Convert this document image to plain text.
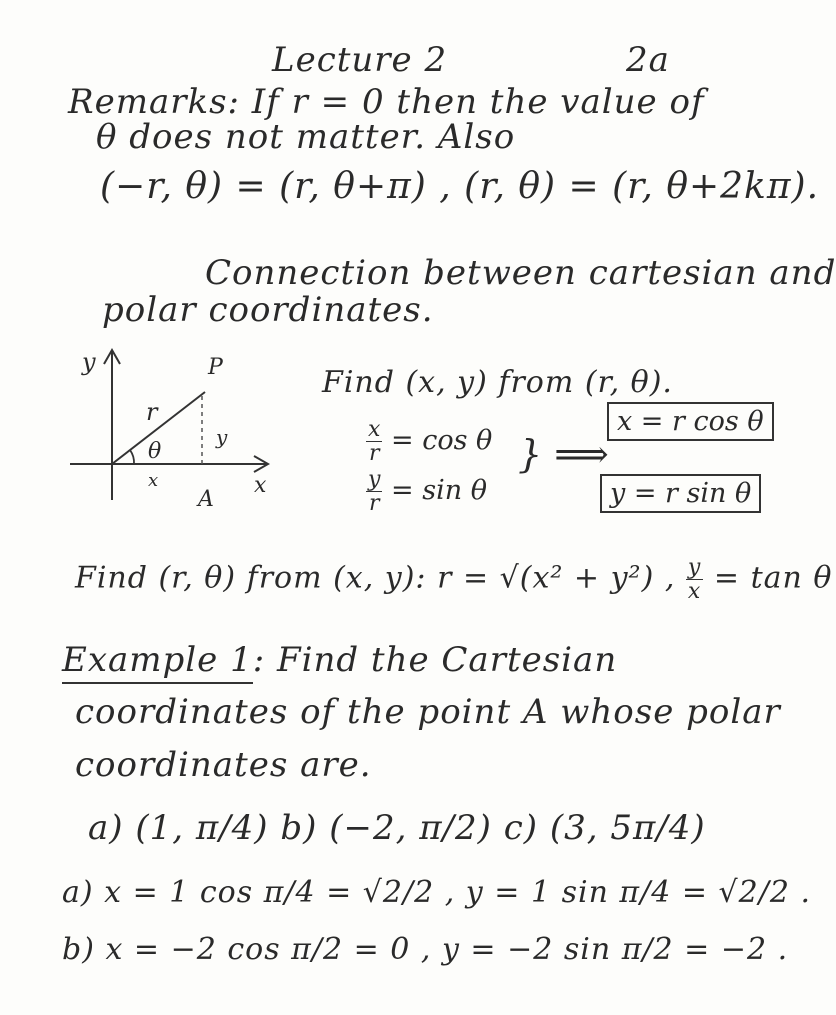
Lecture 2	2a
Remarks: If r = 0 then the value of
θ does not matter. Also
(−r, θ) = (r, θ+π) , (r, θ) = (r, θ+2kπ).
Connection between cartesian and
polar coordinates.
y	P
r
θ
y
x
A
x
Find (x, y) from (r, θ).
$\frac{x}{r} = \cos \theta$
$\frac{y}{r} = \sin \theta$
} ⟹
x = r cos θ
y = r sin θ
Find (r, θ) from (x, y): r = √(x² + y²) , $\frac{y}{x} = \tan \theta$
Example 1: Find the Cartesian
coordinates of the point A whose polar
coordinates are.
a) (1, π/4) b) (−2, π/2) c) (3, 5π/4)
a) x = 1 cos π/4 = √2/2 , y = 1 sin π/4 = √2/2 .
b) x = −2 cos π/2 = 0 , y = −2 sin π/2 = −2 .
